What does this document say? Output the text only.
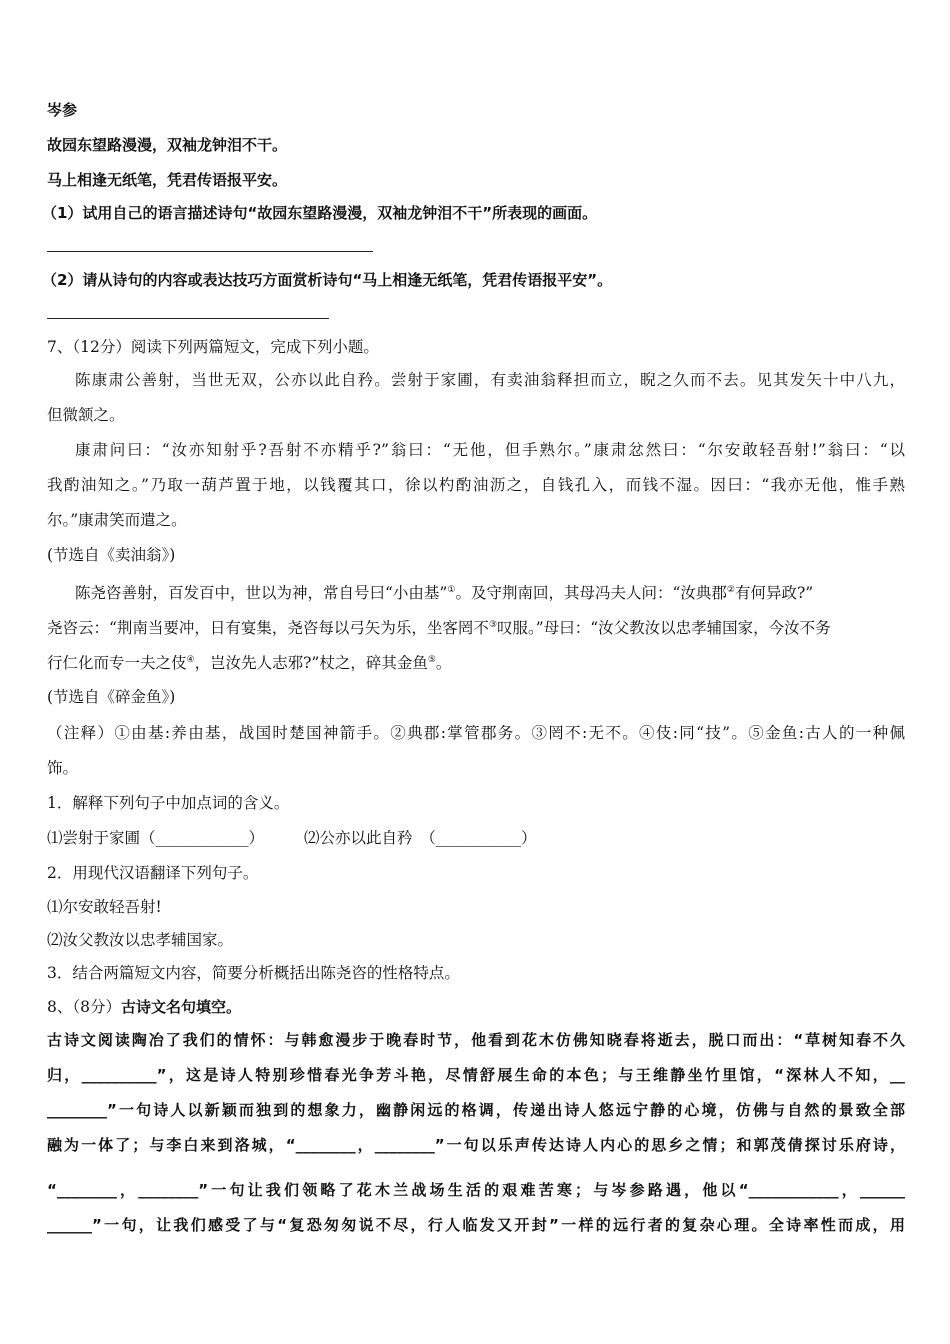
岑参
故园东望路漫漫，双袖龙钟泪不干。
马上相逢无纸笔，凭君传语报平安。
（1）试用自己的语言描述诗句“故园东望路漫漫，双袖龙钟泪不干”所表现的画面。
（2）请从诗句的内容或表达技巧方面赏析诗句“马上相逢无纸笔，凭君传语报平安”。
7、（12分）阅读下列两篇短文，完成下列小题。
陈康肃公善射，当世无双，公亦以此自矜。尝射于家圃，有卖油翁释担而立，睨之久而不去。见其发矢十中八九，
但微颔之。
康肃问曰：“汝亦知射乎?吾射不亦精乎?”翁曰：“无他，但手熟尔。”康肃忿然曰：“尔安敢轻吾射!”翁曰：“以
我酌油知之。”乃取一葫芦置于地，以钱覆其口，徐以杓酌油沥之，自钱孔入，而钱不湿。因曰：“我亦无他，惟手熟
尔。”康肃笑而遣之。
(节选自《卖油翁》)
陈尧咨善射，百发百中，世以为神，常自号曰“小由基”①。及守荆南回，其母冯夫人问：“汝典郡②有何异政?”
尧咨云：“荆南当要冲，日有宴集，尧咨每以弓矢为乐，坐客罔不③叹服。”母曰：“汝父教汝以忠孝辅国家，今汝不务
行仁化而专一夫之伎④，岂汝先人志邪?”杖之，碎其金鱼⑤。
(节选自《碎金鱼》)
（注释）①由基:养由基，战国时楚国神箭手。②典郡:掌管郡务。③罔不:无不。④伎:同“技”。⑤金鱼:古人的一种佩
饰。
1．解释下列句子中加点词的含义。
⑴尝射于家圃（____________）	⑵公亦以此自矜　（___________）
2．用现代汉语翻译下列句子。
⑴尔安敢轻吾射!
⑵汝父教汝以忠孝辅国家。
3．结合两篇短文内容，简要分析概括出陈尧咨的性格特点。
8、（8分）古诗文名句填空。
古诗文阅读陶冶了我们的情怀：与韩愈漫步于晚春时节，他看到花木仿佛知晓春将逝去，脱口而出：“草树知春不久
归，__________”，这是诗人特别珍惜春光争芳斗艳，尽情舒展生命的本色；与王维静坐竹里馆，“深林人不知，__
________”一句诗人以新颖而独到的想象力，幽静闲远的格调，传递出诗人悠远宁静的心境，仿佛与自然的景致全部
融为一体了；与李白来到洛城，“________，________”一句以乐声传达诗人内心的思乡之情；和郭茂倩探讨乐府诗，
“________，________”一句让我们领略了花木兰战场生活的艰难苦寒；与岑参路遇，他以“____________，______
______”一句，让我们感受了与“复恐匆匆说不尽，行人临发又开封”一样的远行者的复杂心理。全诗率性而成，用
